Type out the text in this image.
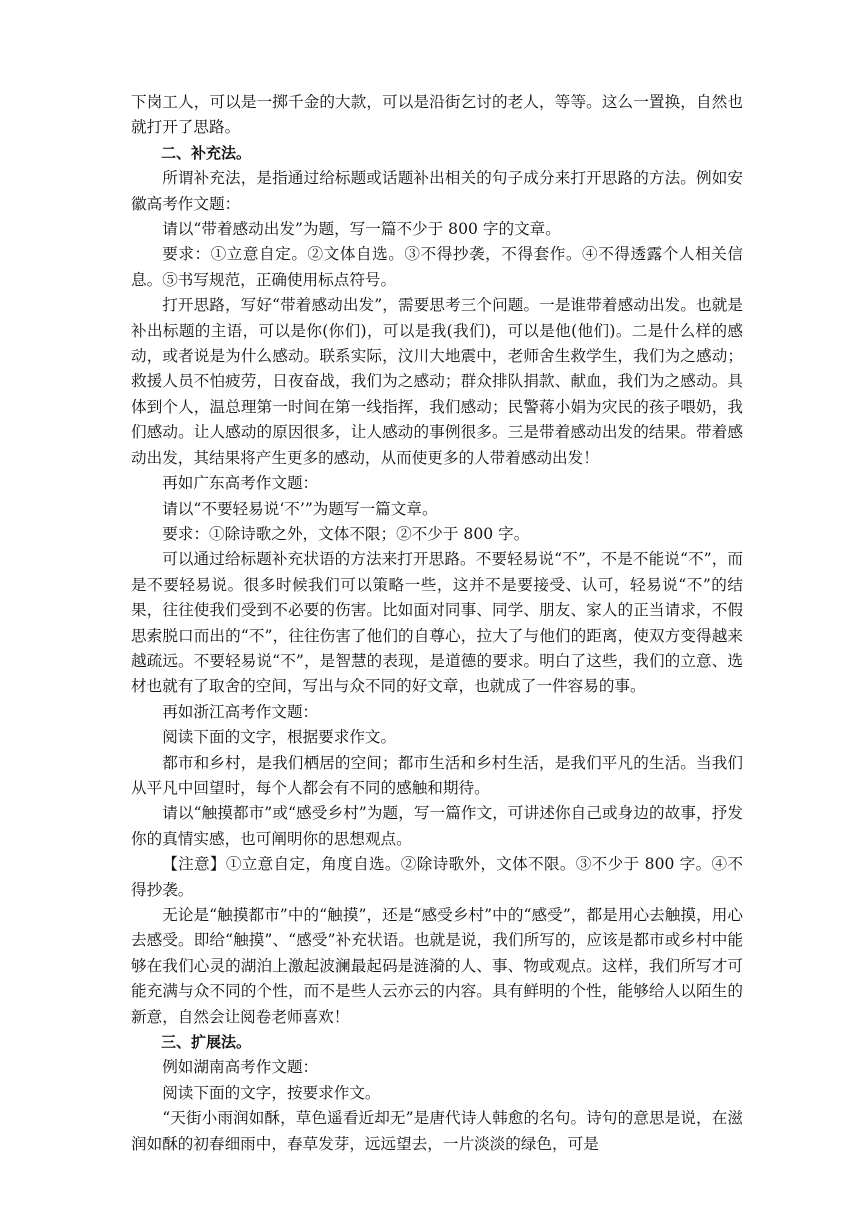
下岗工人，可以是一掷千金的大款，可以是沿街乞讨的老人，等等。这么一置换，自然也就打开了思路。

二、补充法。

所谓补充法，是指通过给标题或话题补出相关的句子成分来打开思路的方法。例如安徽高考作文题：

请以“带着感动出发”为题，写一篇不少于 800 字的文章。

要求：①立意自定。②文体自选。③不得抄袭，不得套作。④不得透露个人相关信息。⑤书写规范，正确使用标点符号。

打开思路，写好“带着感动出发”，需要思考三个问题。一是谁带着感动出发。也就是补出标题的主语，可以是你(你们)，可以是我(我们)，可以是他(他们)。二是什么样的感动，或者说是为什么感动。联系实际，汶川大地震中，老师舍生救学生，我们为之感动；救援人员不怕疲劳，日夜奋战，我们为之感动；群众排队捐款、献血，我们为之感动。具体到个人，温总理第一时间在第一线指挥，我们感动；民警蒋小娟为灾民的孩子喂奶，我们感动。让人感动的原因很多，让人感动的事例很多。三是带着感动出发的结果。带着感动出发，其结果将产生更多的感动，从而使更多的人带着感动出发！

再如广东高考作文题：

请以“不要轻易说‘不’”为题写一篇文章。

要求：①除诗歌之外，文体不限；②不少于 800 字。

可以通过给标题补充状语的方法来打开思路。不要轻易说“不”，不是不能说“不”，而是不要轻易说。很多时候我们可以策略一些，这并不是要接受、认可，轻易说“不”的结果，往往使我们受到不必要的伤害。比如面对同事、同学、朋友、家人的正当请求，不假思索脱口而出的“不”，往往伤害了他们的自尊心，拉大了与他们的距离，使双方变得越来越疏远。不要轻易说“不”，是智慧的表现，是道德的要求。明白了这些，我们的立意、选材也就有了取舍的空间，写出与众不同的好文章，也就成了一件容易的事。

再如浙江高考作文题：

阅读下面的文字，根据要求作文。

都市和乡村，是我们栖居的空间；都市生活和乡村生活，是我们平凡的生活。当我们从平凡中回望时，每个人都会有不同的感触和期待。

请以“触摸都市”或“感受乡村”为题，写一篇作文，可讲述你自己或身边的故事，抒发你的真情实感，也可阐明你的思想观点。

【注意】①立意自定，角度自选。②除诗歌外，文体不限。③不少于 800 字。④不得抄袭。

无论是“触摸都市”中的“触摸”，还是“感受乡村”中的“感受”，都是用心去触摸，用心去感受。即给“触摸”、“感受”补充状语。也就是说，我们所写的，应该是都市或乡村中能够在我们心灵的湖泊上激起波澜最起码是涟漪的人、事、物或观点。这样，我们所写才可能充满与众不同的个性，而不是些人云亦云的内容。具有鲜明的个性，能够给人以陌生的新意，自然会让阅卷老师喜欢！

三、扩展法。

例如湖南高考作文题：

阅读下面的文字，按要求作文。

“天街小雨润如酥，草色遥看近却无”是唐代诗人韩愈的名句。诗句的意思是说，在滋润如酥的初春细雨中，春草发芽，远远望去，一片淡淡的绿色，可是
